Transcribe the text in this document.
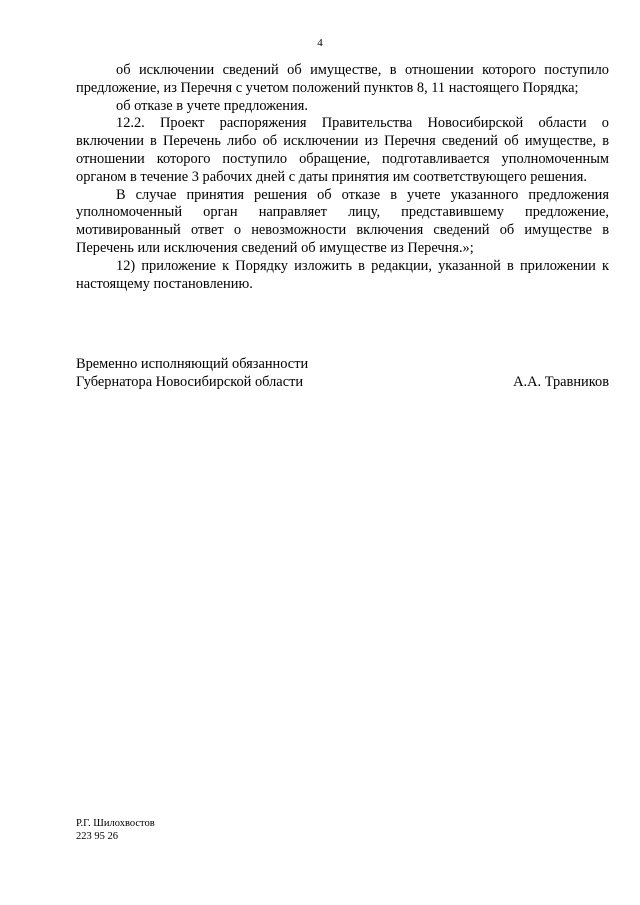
4

об исключении сведений об имуществе, в отношении которого поступило предложение, из Перечня с учетом положений пунктов 8, 11 настоящего Порядка;

об отказе в учете предложения.

12.2. Проект распоряжения Правительства Новосибирской области о включении в Перечень либо об исключении из Перечня сведений об имуществе, в отношении которого поступило обращение, подготавливается уполномоченным органом в течение 3 рабочих дней с даты принятия им соответствующего решения.

В случае принятия решения об отказе в учете указанного предложения уполномоченный орган направляет лицу, представившему предложение, мотивированный ответ о невозможности включения сведений об имуществе в Перечень или исключения сведений об имуществе из Перечня.»;

12) приложение к Порядку изложить в редакции, указанной в приложении к настоящему постановлению.

Временно исполняющий обязанности
Губернатора Новосибирской области	А.А. Травников
Р.Г. Шилохвостов
223 95 26
